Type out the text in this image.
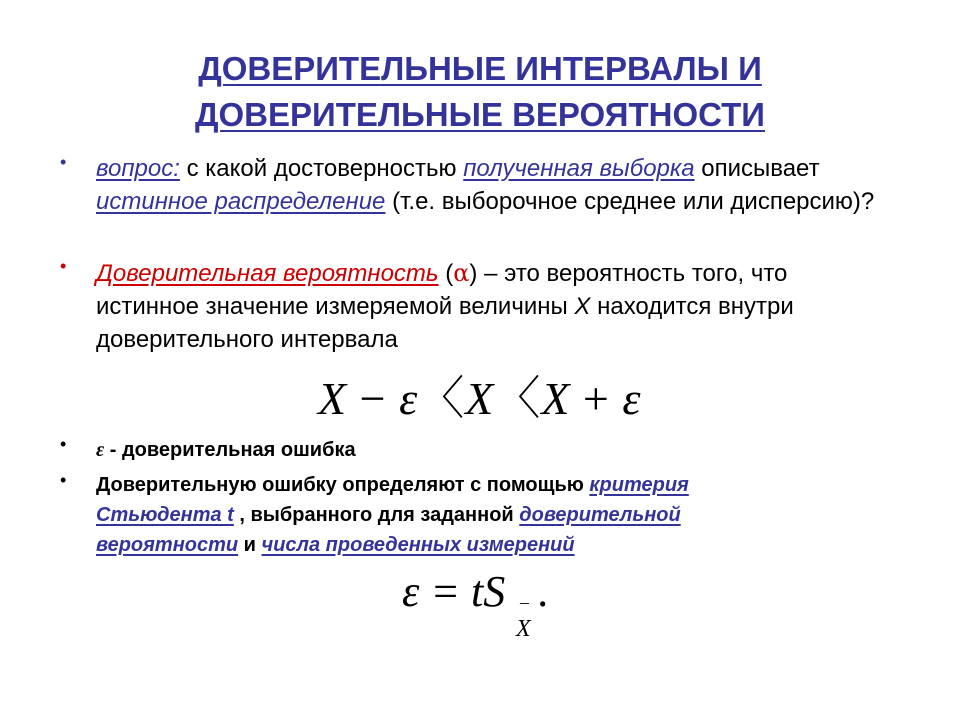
ДОВЕРИТЕЛЬНЫЕ ИНТЕРВАЛЫ И
ДОВЕРИТЕЛЬНЫЕ ВЕРОЯТНОСТИ
• вопрос: с какой достоверностью полученная выборка описывает истинное распределение (т.е. выборочное среднее или дисперсию)?
• Доверительная вероятность (α) – это вероятность того, что истинное значение измеряемой величины X находится внутри доверительного интервала
X − ε〈X〈X + ε
• ε - доверительная ошибка
• Доверительную ошибку определяют с помощью критерия Стьюдента t , выбранного для заданной доверительной вероятности и числа проведенных измерений
ε = tS .
–
X
